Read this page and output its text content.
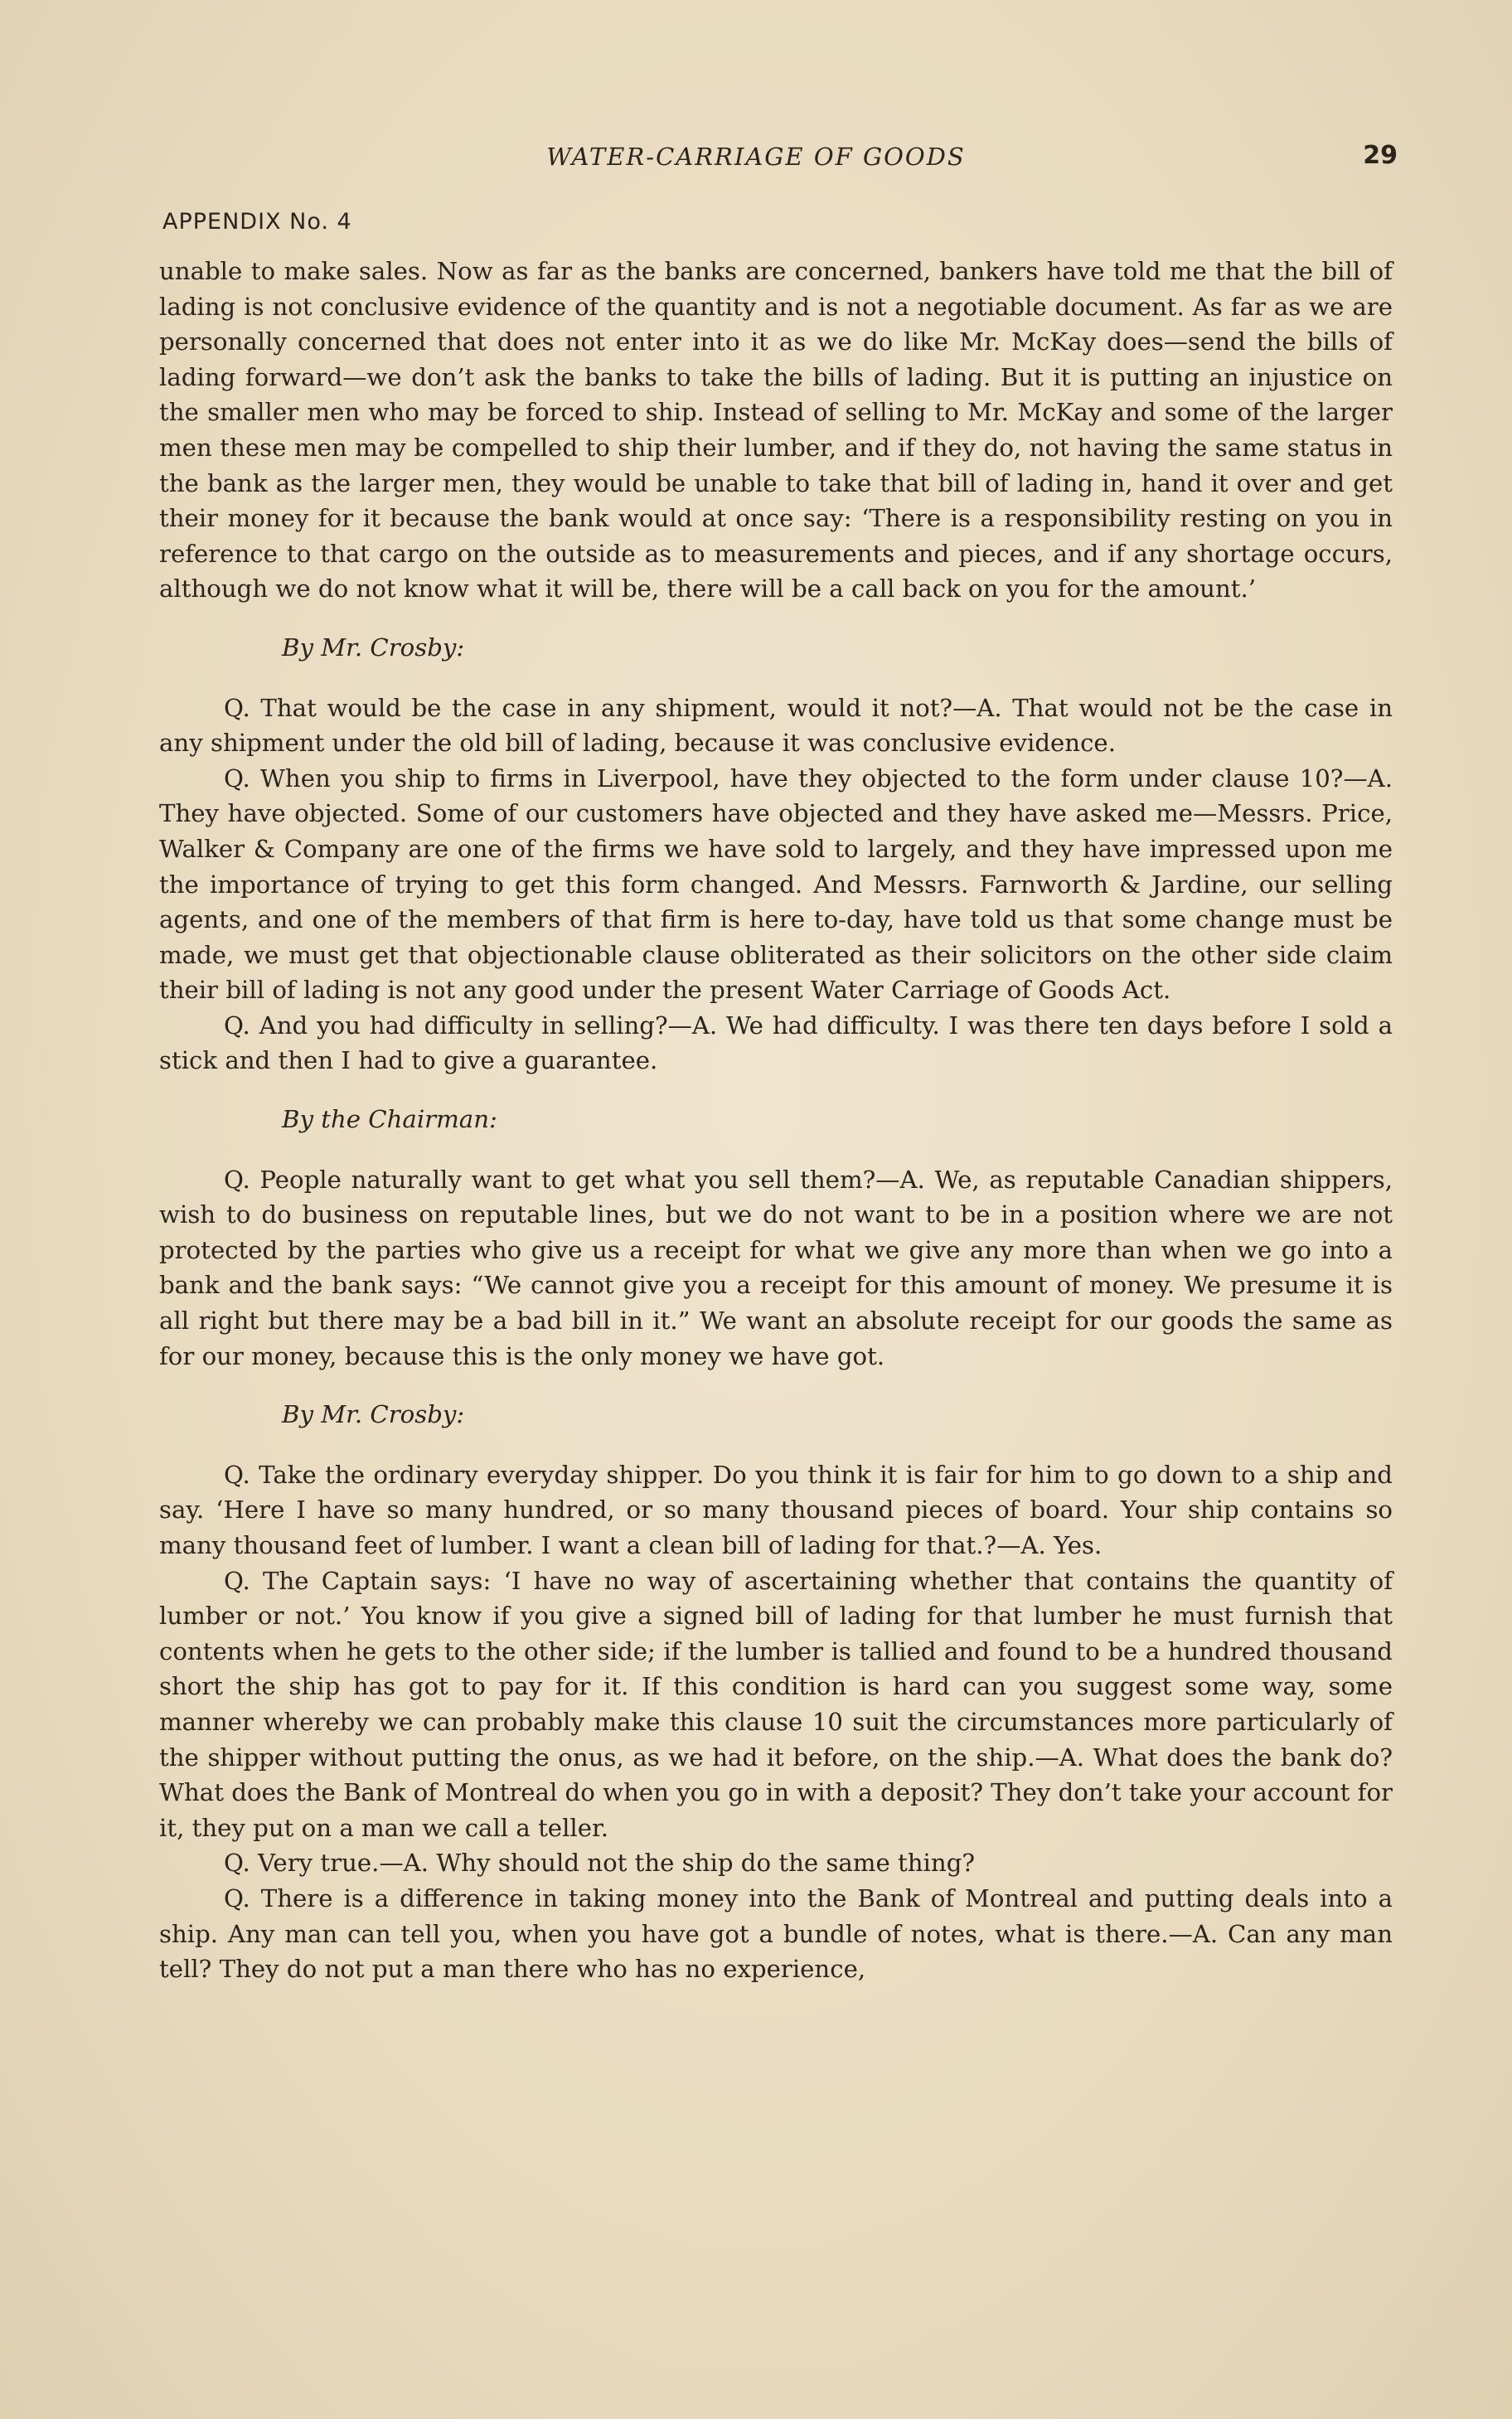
WATER-CARRIAGE OF GOODS	29
APPENDIX No. 4

unable to make sales. Now as far as the banks are concerned, bankers have told me that the bill of lading is not conclusive evidence of the quantity and is not a negotiable document. As far as we are personally concerned that does not enter into it as we do like Mr. McKay does—send the bills of lading forward—we don’t ask the banks to take the bills of lading. But it is putting an injustice on the smaller men who may be forced to ship. Instead of selling to Mr. McKay and some of the larger men these men may be compelled to ship their lumber, and if they do, not having the same status in the bank as the larger men, they would be unable to take that bill of lading in, hand it over and get their money for it because the bank would at once say: ‘There is a responsibility resting on you in reference to that cargo on the outside as to measurements and pieces, and if any shortage occurs, although we do not know what it will be, there will be a call back on you for the amount.’

By Mr. Crosby:

Q. That would be the case in any shipment, would it not?—A. That would not be the case in any shipment under the old bill of lading, because it was conclusive evidence.

Q. When you ship to firms in Liverpool, have they objected to the form under clause 10?—A. They have objected. Some of our customers have objected and they have asked me—Messrs. Price, Walker & Company are one of the firms we have sold to largely, and they have impressed upon me the importance of trying to get this form changed. And Messrs. Farnworth & Jardine, our selling agents, and one of the members of that firm is here to-day, have told us that some change must be made, we must get that objectionable clause obliterated as their solicitors on the other side claim their bill of lading is not any good under the present Water Carriage of Goods Act.

Q. And you had difficulty in selling?—A. We had difficulty. I was there ten days before I sold a stick and then I had to give a guarantee.

By the Chairman:

Q. People naturally want to get what you sell them?—A. We, as reputable Canadian shippers, wish to do business on reputable lines, but we do not want to be in a position where we are not protected by the parties who give us a receipt for what we give any more than when we go into a bank and the bank says: “We cannot give you a receipt for this amount of money. We presume it is all right but there may be a bad bill in it.” We want an absolute receipt for our goods the same as for our money, because this is the only money we have got.

By Mr. Crosby:

Q. Take the ordinary everyday shipper. Do you think it is fair for him to go down to a ship and say. ‘Here I have so many hundred, or so many thousand pieces of board. Your ship contains so many thousand feet of lumber. I want a clean bill of lading for that.?—A. Yes.

Q. The Captain says: ‘I have no way of ascertaining whether that contains the quantity of lumber or not.’ You know if you give a signed bill of lading for that lumber he must furnish that contents when he gets to the other side; if the lumber is tallied and found to be a hundred thousand short the ship has got to pay for it. If this condition is hard can you suggest some way, some manner whereby we can probably make this clause 10 suit the circumstances more particularly of the shipper without putting the onus, as we had it before, on the ship.—A. What does the bank do? What does the Bank of Montreal do when you go in with a deposit? They don’t take your account for it, they put on a man we call a teller.

Q. Very true.—A. Why should not the ship do the same thing?

Q. There is a difference in taking money into the Bank of Montreal and putting deals into a ship. Any man can tell you, when you have got a bundle of notes, what is there.—A. Can any man tell? They do not put a man there who has no experience,
